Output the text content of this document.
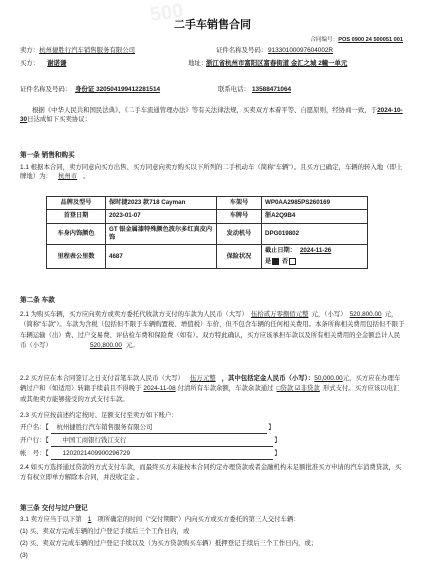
500
二手车销售合同
合同编号：POS 0900 24 500051 001
卖方：杭州捷胜行汽车销售服务有限公司	证件名称及号码： 91330100097604002R
买方： 谢诺谦	地址：
浙江省杭州市富阳区富春街道 金汇之城 2幢一单元
证件名称及号码： 身份证 320504199412281514	联系电话： 13588471064
根据《中华人民共和国民法典》、《二手车流通管理办法》等有关法律法规，买卖双方本着平等、自愿原则，经协商一致，于2024-10-30日达成如下买卖协议：
第一条 销售和购买
1.1 根据本合同，卖方同意向买方出售、买方同意向卖方购买以下所列的二手机动车（简称“车辆”）。且买方已确定，车辆的转入地（即上牌地）为： 杭州市 。
品牌及型号	保时捷2023 款718 Cayman	车架号	WP0AA2985PS260169
首登日期	2023-01-07	车牌号	浙A2Q9B4
车身内饰颜色	GT 银金属漆特殊颜色波尔多红真皮内饰	发动机号	DPG019802
里程表公里数	4687	保险状况	截止日期： 2024-11-26
是 否
第二条 车款
2.1 为购买车辆，买方应向卖方或卖方委托代收款方支付的车款为人民币（大写） 伍拾贰万零捌佰元整 元，（小写） 520,800.00 元，（简称“车款”）。车款为含税（包括但不限于车辆购置税、增值税）车价，但不包含车辆的任何相关费用。本条所称相关费用包括但不限于车辆运输（出）费、过户交易费、评估检车费和保险费（如有）。双方特此确认，买方应该承担车款以及所有相关费用的全金额总计人民币（小写）	520,800.00 元。
2.2 买方应在本合同签订之日支付首笔车款人民币（大写） 伍万元整 ，其中包括定金人民币（小写）：50,000.00元，买方应在办理车辆过户和（如适用）转籍手续前且不得晚于 2024-11-08 付清所有车款余额，车款余款通过 □贷款 ☑非贷款 形式支付。买方应该以电汇或其他卖方能够接受的方式支付车款。
2.3 买方应按前述约定按时、足额支付至卖方如下账户：
开户名：【 杭州捷胜行汽车销售服务有限公司	】
开户行：【 中国工商银行钱江支行	】
帐　号：【 1202021409900296729	】
2.4 如买方选择通过贷款的方式支付车款，而最终买方未能按本合同约定办理贷款或者金融机构未足额批准买方申请的汽车消费贷款，买方有权立即单方解除本合同，并没收定金 。
第三条 交付与过户登记
3.1 卖方应当于以下第 1 项所确定的时间（“交付期限”）内向买方或买方委托的第三人交付车辆：
(1) 买、卖双方完成车辆的过户登记手续后三个工作日内，或
(2) 买、卖双方完成车辆的过户登记手续以及（为买方贷款购买车辆）抵押登记手续后三个工作日内，或；
(3)
